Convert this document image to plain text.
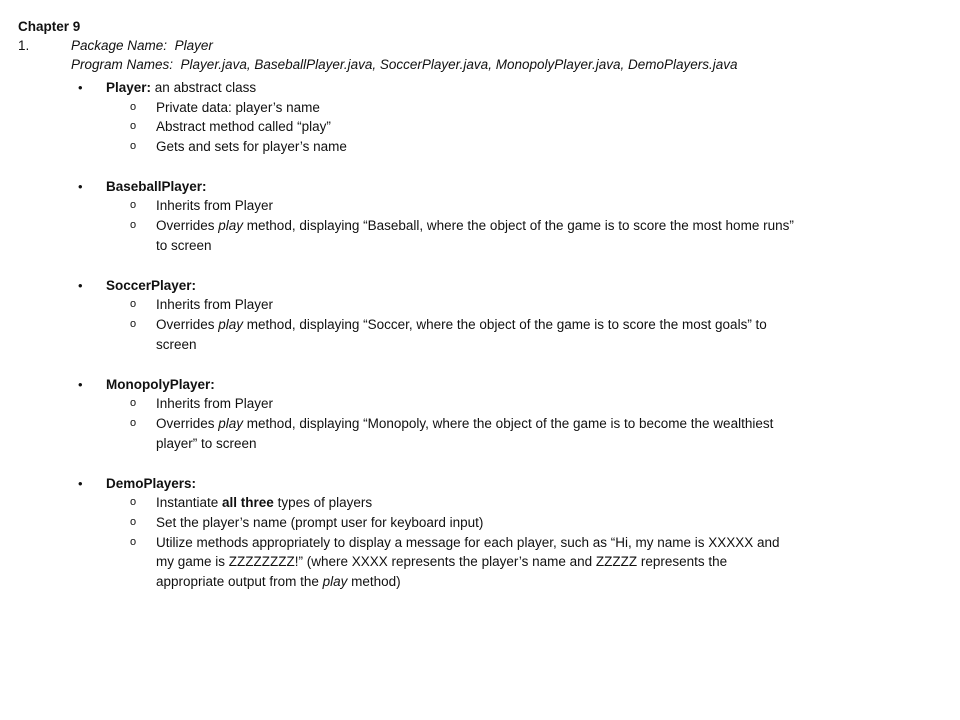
Chapter 9

1.	Package Name: Player
Program Names: Player.java, BaseballPlayer.java, SoccerPlayer.java, MonopolyPlayer.java, DemoPlayers.java
•	Player:
an abstract class
o	Private data: player’s name
o	Abstract method called “play”
o	Gets and sets for player’s name
•	BaseballPlayer:
o	Inherits from Player
o	Overrides play method, displaying “Baseball, where the object of the game is to score the most home runs” to screen
•	SoccerPlayer:
o	Inherits from Player
o	Overrides play method, displaying “Soccer, where the object of the game is to score the most goals” to screen
•	MonopolyPlayer:
o	Inherits from Player
o	Overrides play method, displaying “Monopoly, where the object of the game is to become the wealthiest player” to screen
•	DemoPlayers:
o	Instantiate all three types of players
o	Set the player’s name (prompt user for keyboard input)
o	Utilize methods appropriately to display a message for each player, such as “Hi, my name is XXXXX and my game is ZZZZZZZZ!” (where XXXX represents the player’s name and ZZZZZ represents the appropriate output from the play method)
